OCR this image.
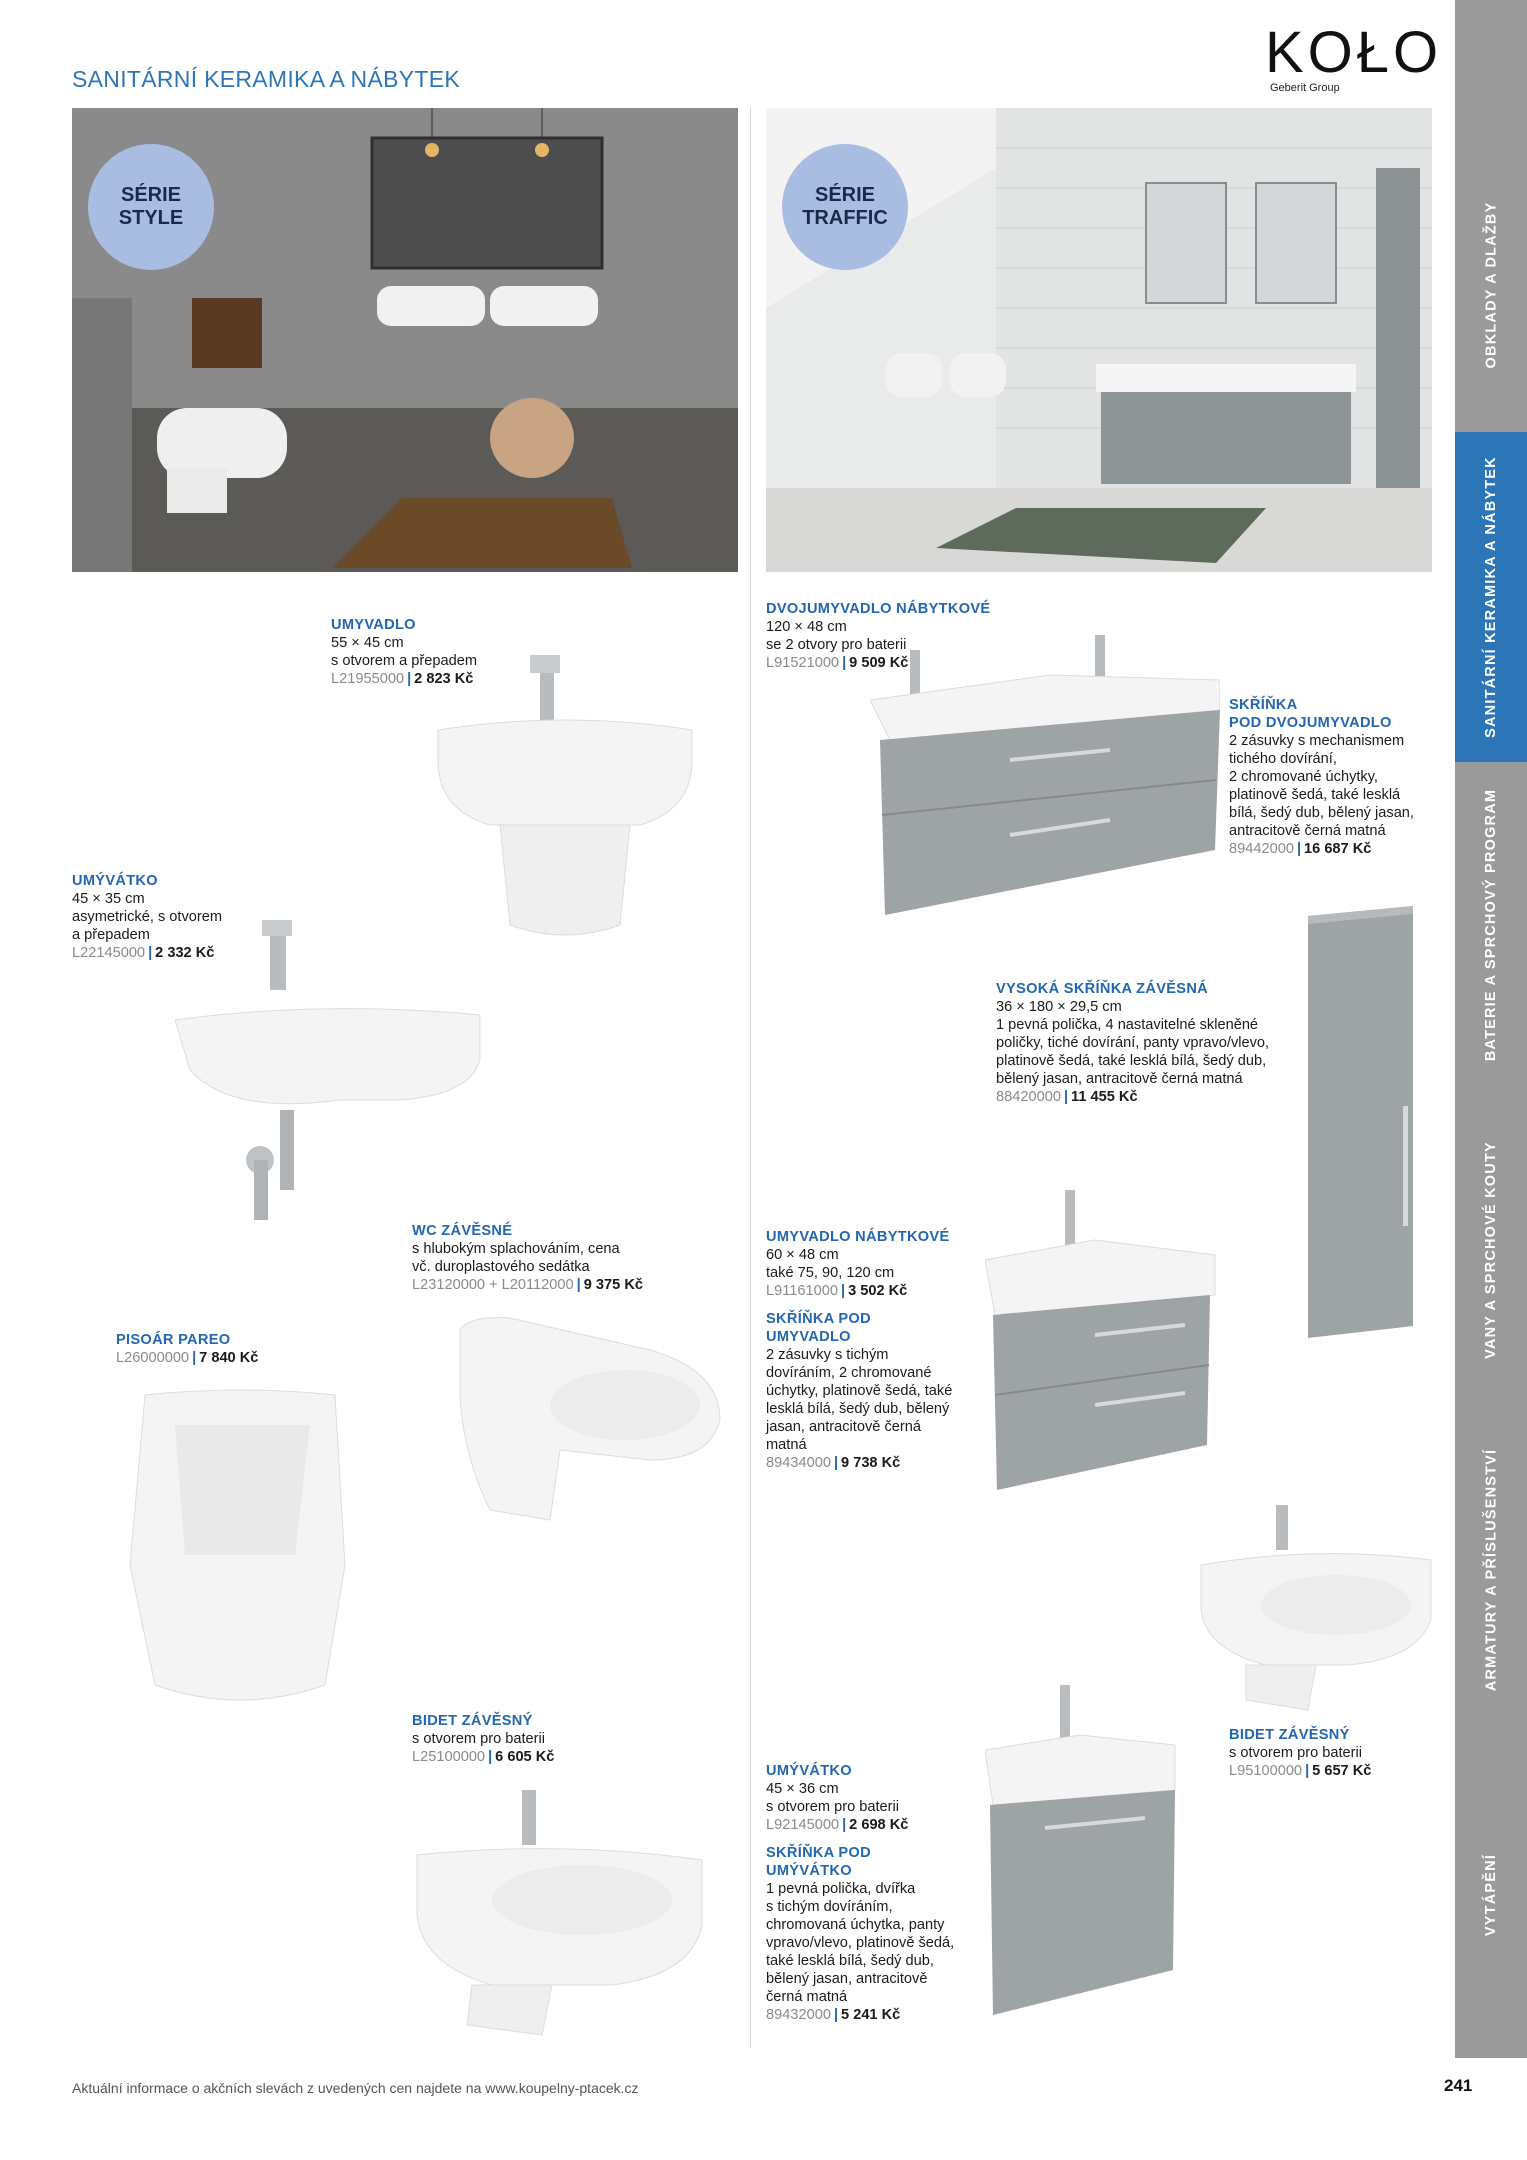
SANITÁRNÍ KERAMIKA A NÁBYTEK	KOŁO
Geberit Group
SÉRIE
STYLE
SÉRIE
TRAFFIC
UMYVADLO
55 × 45 cm
s otvorem a přepadem
L21955000 | 2 823 Kč
UMÝVÁTKO
45 × 35 cm
asymetrické, s otvorem
a přepadem
L22145000 | 2 332 Kč
WC ZÁVĚSNÉ
s hlubokým splachováním, cena
vč. duroplastového sedátka
L23120000 + L20112000 | 9 375 Kč
PISOÁR PAREO
L26000000 | 7 840 Kč
BIDET ZÁVĚSNÝ
s otvorem pro baterii
L25100000 | 6 605 Kč
DVOJUMYVADLO NÁBYTKOVÉ
120 × 48 cm
se 2 otvory pro baterii
L91521000 | 9 509 Kč
SKŘÍŇKA
POD DVOJUMYVADLO
2 zásuvky s mechanismem
tichého dovírání,
2 chromované úchytky,
platinově šedá, také lesklá
bílá, šedý dub, bělený jasan,
antracitově černá matná
89442000 | 16 687 Kč
VYSOKÁ SKŘÍŇKA ZÁVĚSNÁ
36 × 180 × 29,5 cm
1 pevná polička, 4 nastavitelné skleněné
poličky, tiché dovírání, panty vpravo/vlevo,
platinově šedá, také lesklá bílá, šedý dub,
bělený jasan, antracitově černá matná
88420000 | 11 455 Kč
UMYVADLO NÁBYTKOVÉ
60 × 48 cm
také 75, 90, 120 cm
L91161000 | 3 502 Kč
SKŘÍŇKA POD
UMYVADLO
2 zásuvky s tichým
dovíráním, 2 chromované
úchytky, platinově šedá, také
lesklá bílá, šedý dub, bělený
jasan, antracitově černá
matná
89434000 | 9 738 Kč
BIDET ZÁVĚSNÝ
s otvorem pro baterii
L95100000 | 5 657 Kč
UMÝVÁTKO
45 × 36 cm
s otvorem pro baterii
L92145000 | 2 698 Kč
SKŘÍŇKA POD
UMÝVÁTKO
1 pevná polička, dvířka
s tichým dovíráním,
chromovaná úchytka, panty
vpravo/vlevo, platinově šedá,
také lesklá bílá, šedý dub,
bělený jasan, antracitově
černá matná
89432000 | 5 241 Kč
OBKLADY A DLAŽBY
SANITÁRNÍ KERAMIKA A NÁBYTEK
BATERIE A SPRCHOVÝ PROGRAM
VANY A SPRCHOVÉ KOUTY
ARMATURY A PŘÍSLUŠENSTVÍ
VYTÁPĚNÍ
Aktuální informace o akčních slevách z uvedených cen najdete na www.koupelny-ptacek.cz	241
